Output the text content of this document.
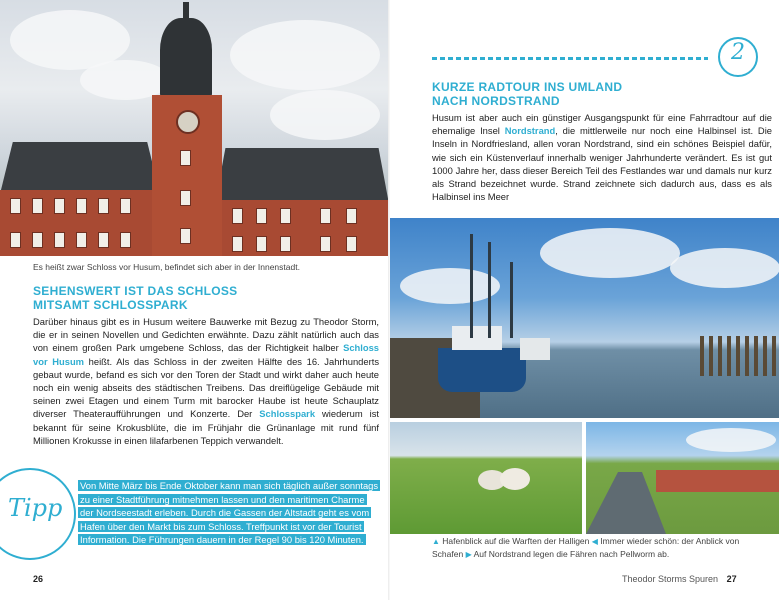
Es heißt zwar Schloss vor Husum, befindet sich aber in der Innenstadt.
SEHENSWERT IST DAS SCHLOSS
MITSAMT SCHLOSSPARK
Darüber hinaus gibt es in Husum weitere Bauwerke mit Bezug zu Theodor Storm, die er in seinen Novellen und Gedichten erwähnte. Dazu zählt natürlich auch das von einem großen Park umgebene Schloss, das der Richtigkeit halber Schloss vor Husum heißt. Als das Schloss in der zweiten Hälfte des 16. Jahrhunderts gebaut wurde, befand es sich vor den Toren der Stadt und wirkt daher auch heute noch ein wenig abseits des städtischen Treibens. Das dreiflügelige Gebäude mit seinen zwei Etagen und einem Turm mit barocker Haube ist heute Schauplatz diverser Theateraufführungen und Konzerte. Der Schlosspark wiederum ist bekannt für seine Krokusblüte, die im Frühjahr die Grünanlage mit rund fünf Millionen Krokusse in einen lilafarbenen Teppich verwandelt.
Tipp
Von Mitte März bis Ende Oktober kann man sich täglich außer sonntags zu einer Stadtführung mitnehmen lassen und den maritimen Charme der Nordseestadt erleben. Durch die Gassen der Altstadt geht es vom Hafen über den Markt bis zum Schloss. Treffpunkt ist vor der Tourist Information. Die Führungen dauern in der Regel 90 bis 120 Minuten.
26
2
KURZE RADTOUR INS UMLAND
NACH NORDSTRAND
Husum ist aber auch ein günstiger Ausgangspunkt für eine Fahrradtour auf die ehemalige Insel Nordstrand, die mittlerweile nur noch eine Halbinsel ist. Die Inseln in Nordfriesland, allen voran Nordstrand, sind ein schönes Beispiel dafür, wie sich ein Küstenverlauf innerhalb weniger Jahrhunderte verändert. Es ist gut 1000 Jahre her, dass dieser Bereich Teil des Festlandes war und damals nur kurz als Strand bezeichnet wurde. Strand zeichnete sich dadurch aus, dass es als Halbinsel ins Meer
▲ Hafenblick auf die Warften der Halligen ◀ Immer wieder schön: der Anblick von Schafen ▶ Auf Nordstrand legen die Fähren nach Pellworm ab.
Theodor Storms Spuren 27
